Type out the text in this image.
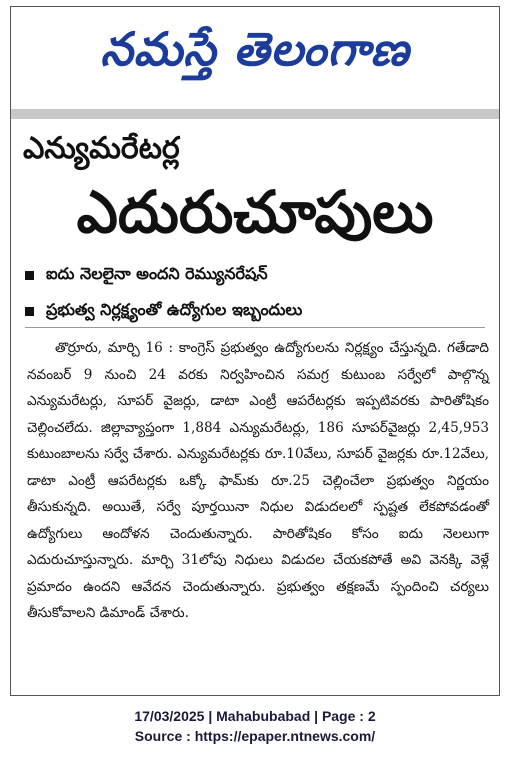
నమస్తే తెలంగాణ
ఎన్యుమరేటర్ల
ఎదురుచూపులు
ఐదు నెలలైనా అందని రెమ్యునరేషన్
ప్రభుత్వ నిర్లక్ష్యంతో ఉద్యోగుల ఇబ్బందులు

తొర్రూరు, మార్చి 16 : కాంగ్రెస్ ప్రభుత్వం ఉద్యోగులను నిర్లక్ష్యం చేస్తున్నది. గతేడాది నవంబర్ 9 నుంచి 24 వరకు నిర్వహించిన సమగ్ర కుటుంబ సర్వేలో పాల్గొన్న ఎన్యుమరేటర్లు, సూపర్ వైజర్లు, డాటా ఎంట్రీ ఆపరేటర్లకు ఇప్పటివరకు పారితోషికం చెల్లించలేదు. జిల్లావ్యాప్తంగా 1,884 ఎన్యుమరేటర్లు, 186 సూపర్‌వైజర్లు 2,45,953 కుటుంబాలను సర్వే చేశారు. ఎన్యుమరేటర్లకు రూ.10వేలు, సూపర్ వైజర్లకు రూ.12వేలు, డాటా ఎంట్రీ ఆపరేటర్లకు ఒక్కో ఫామ్‌కు రూ.25 చెల్లించేలా ప్రభుత్వం నిర్ణయం తీసుకున్నది. అయితే, సర్వే పూర్తయినా నిధుల విడుదలలో స్పష్టత లేకపోవడంతో ఉద్యోగులు ఆందోళన చెందుతున్నారు. పారితోషికం కోసం ఐదు నెలలుగా ఎదురుచూస్తున్నారు. మార్చి 31లోపు నిధులు విడుదల చేయకపోతే అవి వెనక్కి వెళ్లే ప్రమాదం ఉందని ఆవేదన చెందుతున్నారు. ప్రభుత్వం తక్షణమే స్పందించి చర్యలు తీసుకోవాలని డిమాండ్ చేశారు.

17/03/2025 | Mahabubabad | Page : 2
Source : https://epaper.ntnews.com/
